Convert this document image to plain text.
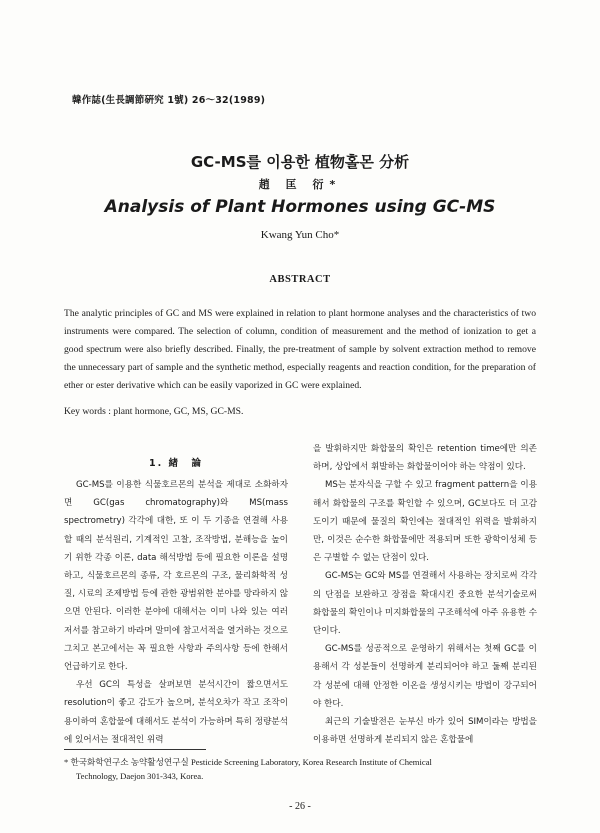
韓作誌(生長調節硏究 1號) 26～32(1989)
GC-MS를 이용한 植物홀몬 分析
趙 匡 衍*
Analysis of Plant Hormones using GC-MS
Kwang Yun Cho*
ABSTRACT
The analytic principles of GC and MS were explained in relation to plant hormone analyses and the characteristics of two instruments were compared. The selection of column, condition of measurement and the method of ionization to get a good spectrum were also briefly described. Finally, the pre-treatment of sample by solvent extraction method to remove the unnecessary part of sample and the synthetic method, especially reagents and reaction condition, for the preparation of ether or ester derivative which can be easily vaporized in GC were explained.
Key words : plant hormone, GC, MS, GC-MS.
1. 緖　論

GC-MS를 이용한 식물호르몬의 분석을 제대로 소화하자면 GC(gas chromatography)와 MS(mass spectrometry) 각각에 대한, 또 이 두 기종을 연결해 사용할 때의 분석원리, 기계적인 고찰, 조작방법, 분해능을 높이기 위한 각종 이론, data 해석방법 등에 필요한 이론을 설명하고, 식물호르몬의 종류, 각 호르몬의 구조, 물리화학적 성질, 시료의 조제방법 등에 관한 광범위한 분야를 망라하지 않으면 안된다. 이러한 분야에 대해서는 이미 나와 있는 여러 저서를 참고하기 바라며 말미에 참고서적을 열거하는 것으로 그치고 본고에서는 꼭 필요한 사항과 주의사항 등에 한해서 언급하기로 한다.

우선 GC의 특성을 살펴보면 분석시간이 짧으면서도 resolution이 좋고 감도가 높으며, 분석오차가 작고 조작이 용이하여 혼합물에 대해서도 분석이 가능하며 특히 정량분석에 있어서는 절대적인 위력

을 발휘하지만 화합물의 확인은 retention time에만 의존하며, 상압에서 휘발하는 화합물이어야 하는 약점이 있다.

MS는 분자식을 구할 수 있고 fragment pattern을 이용해서 화합물의 구조를 확인할 수 있으며, GC보다도 더 고감도이기 때문에 물질의 확인에는 절대적인 위력을 발휘하지만, 이것은 순수한 화합물에만 적용되며 또한 광학이성체 등은 구별할 수 없는 단점이 있다.

GC-MS는 GC와 MS를 연결해서 사용하는 장치로써 각각의 단점을 보완하고 장점을 확대시킨 중요한 분석기술로써 화합물의 확인이나 미지화합물의 구조해석에 아주 유용한 수단이다.

GC-MS를 성공적으로 운영하기 위해서는 첫째 GC를 이용해서 각 성분들이 선명하게 분리되어야 하고 둘째 분리된 각 성분에 대해 안정한 이온을 생성시키는 방법이 강구되어야 한다.

최근의 기술발전은 눈부신 바가 있어 SIM이라는 방법을 이용하면 선명하게 분리되지 않은 혼합물에

* 한국화학연구소 농약활성연구실 Pesticide Screening Laboratory, Korea Research Institute of Chemical
Technology, Daejon 301-343, Korea.
- 26 -
